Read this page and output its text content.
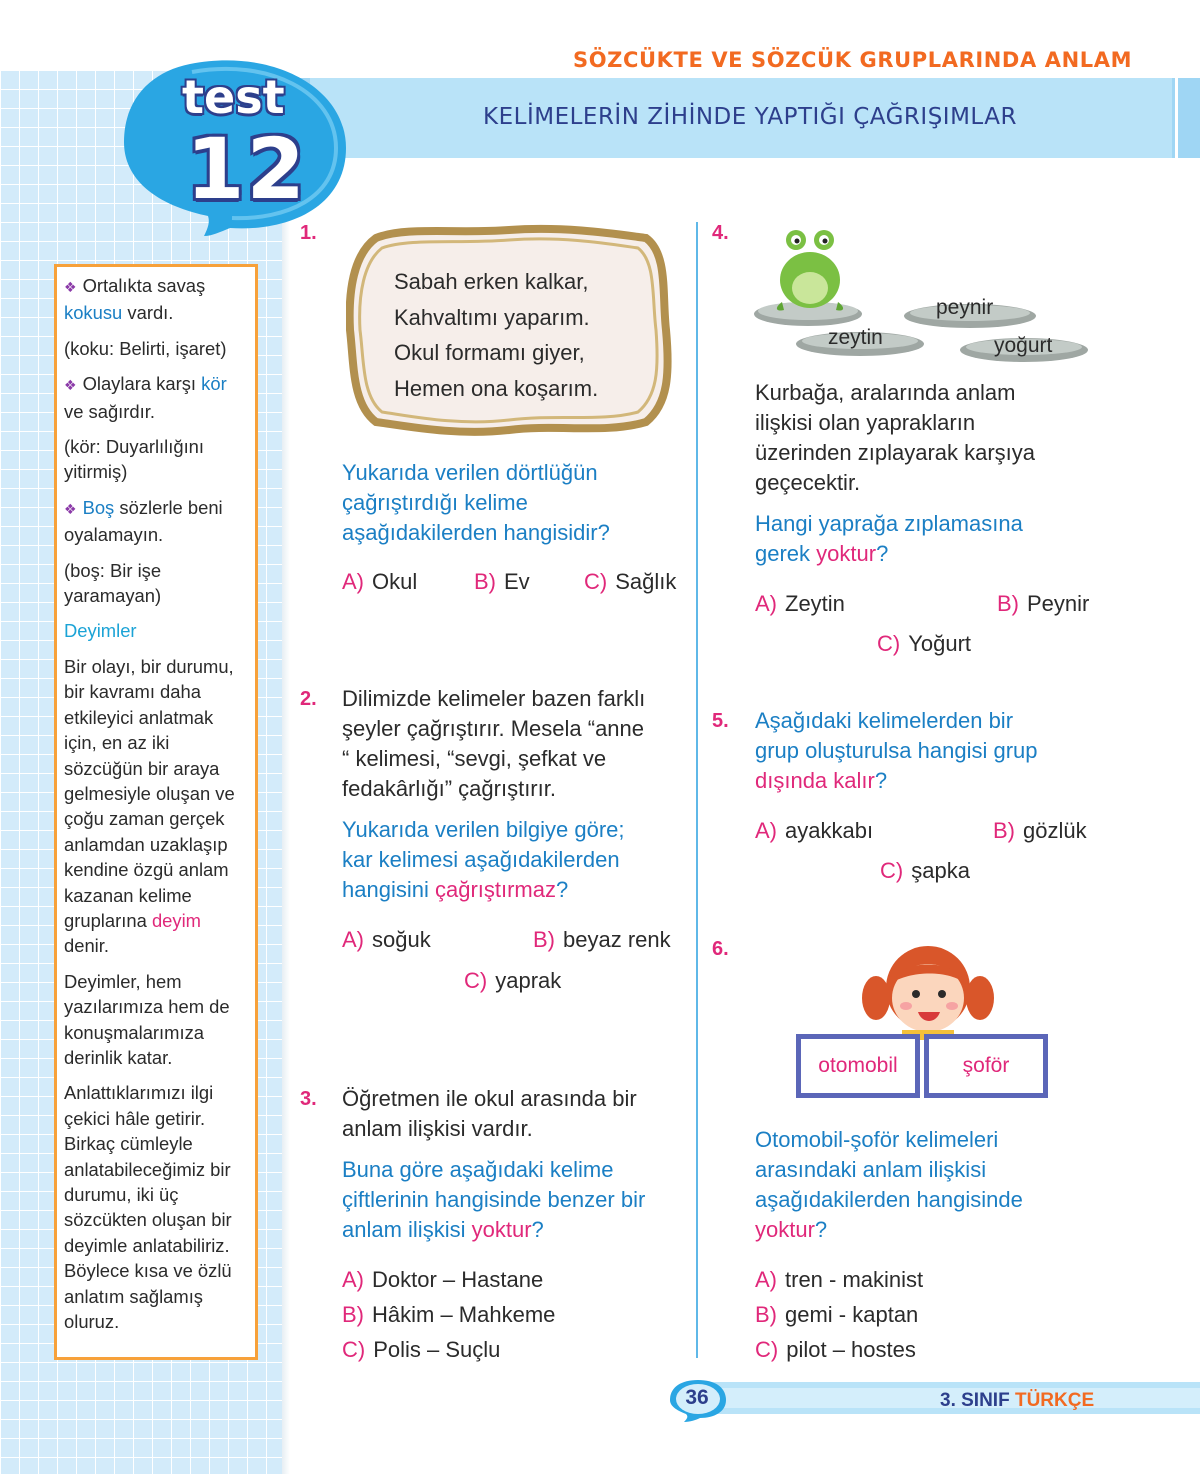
KELİMELERİN ZİHİNDE YAPTIĞI ÇAĞRIŞIMLAR
SÖZCÜKTE VE SÖZCÜK GRUPLARINDA ANLAM
test
12

❖ Ortalıkta savaş kokusu vardı.

(koku: Belirti, işaret)

❖ Olaylara karşı kör ve sağırdır.

(kör: Duyarlılığını yitirmiş)

❖ Boş sözlerle beni oyalamayın.

(boş: Bir işe yaramayan)

Deyimler

Bir olayı, bir durumu, bir kavramı daha etkileyici anlatmak için, en az iki sözcüğün bir araya gelmesiyle oluşan ve çoğu zaman gerçek anlamdan uzaklaşıp kendine özgü anlam kazanan kelime gruplarına deyim denir.

Deyimler, hem yazılarımıza hem de konuşmalarımıza derinlik katar.

Anlattıklarımızı ilgi çekici hâle getirir. Birkaç cümleyle anlatabileceğimiz bir durumu, iki üç sözcükten oluşan bir deyimle anlatabiliriz. Böylece kısa ve özlü anlatım sağlamış oluruz.

1.
Sabah erken kalkar,
Kahvaltımı yaparım.
Okul formamı giyer,
Hemen ona koşarım.
Yukarıda verilen dörtlüğün
çağrıştırdığı kelime
aşağıdakilerden hangisidir?
A) Okul	B) Ev C) Sağlık
2. Dilimizde kelimeler bazen farklı
şeyler çağrıştırır. Mesela “anne
“ kelimesi, “sevgi, şefkat ve
fedakârlığı” çağrıştırır.
Yukarıda verilen bilgiye göre;
kar kelimesi aşağıdakilerden
hangisini çağrıştırmaz?
A) soğuk	B) beyaz renk
C) yaprak
3. Öğretmen ile okul arasında bir
anlam ilişkisi vardır.
Buna göre aşağıdaki kelime
çiftlerinin hangisinde benzer bir
anlam ilişkisi yoktur?
A) Doktor – Hastane
B) Hâkim – Mahkeme
C) Polis – Suçlu
4.
peynir
zeytin	yoğurt
Kurbağa, aralarında anlam
ilişkisi olan yaprakların
üzerinden zıplayarak karşıya
geçecektir.
Hangi yaprağa zıplamasına
gerek yoktur?
A) Zeytin	B) Peynir
C) Yoğurt
5. Aşağıdaki kelimelerden bir
grup oluşturulsa hangisi grup
dışında kalır?
A) ayakkabı	B) gözlük
C) şapka
6.
otomobil	şoför
Otomobil-şoför kelimeleri
arasındaki anlam ilişkisi
aşağıdakilerden hangisinde
yoktur?
A) tren - makinist
B) gemi - kaptan
C) pilot – hostes
36	3. SINIF TÜRKÇE
